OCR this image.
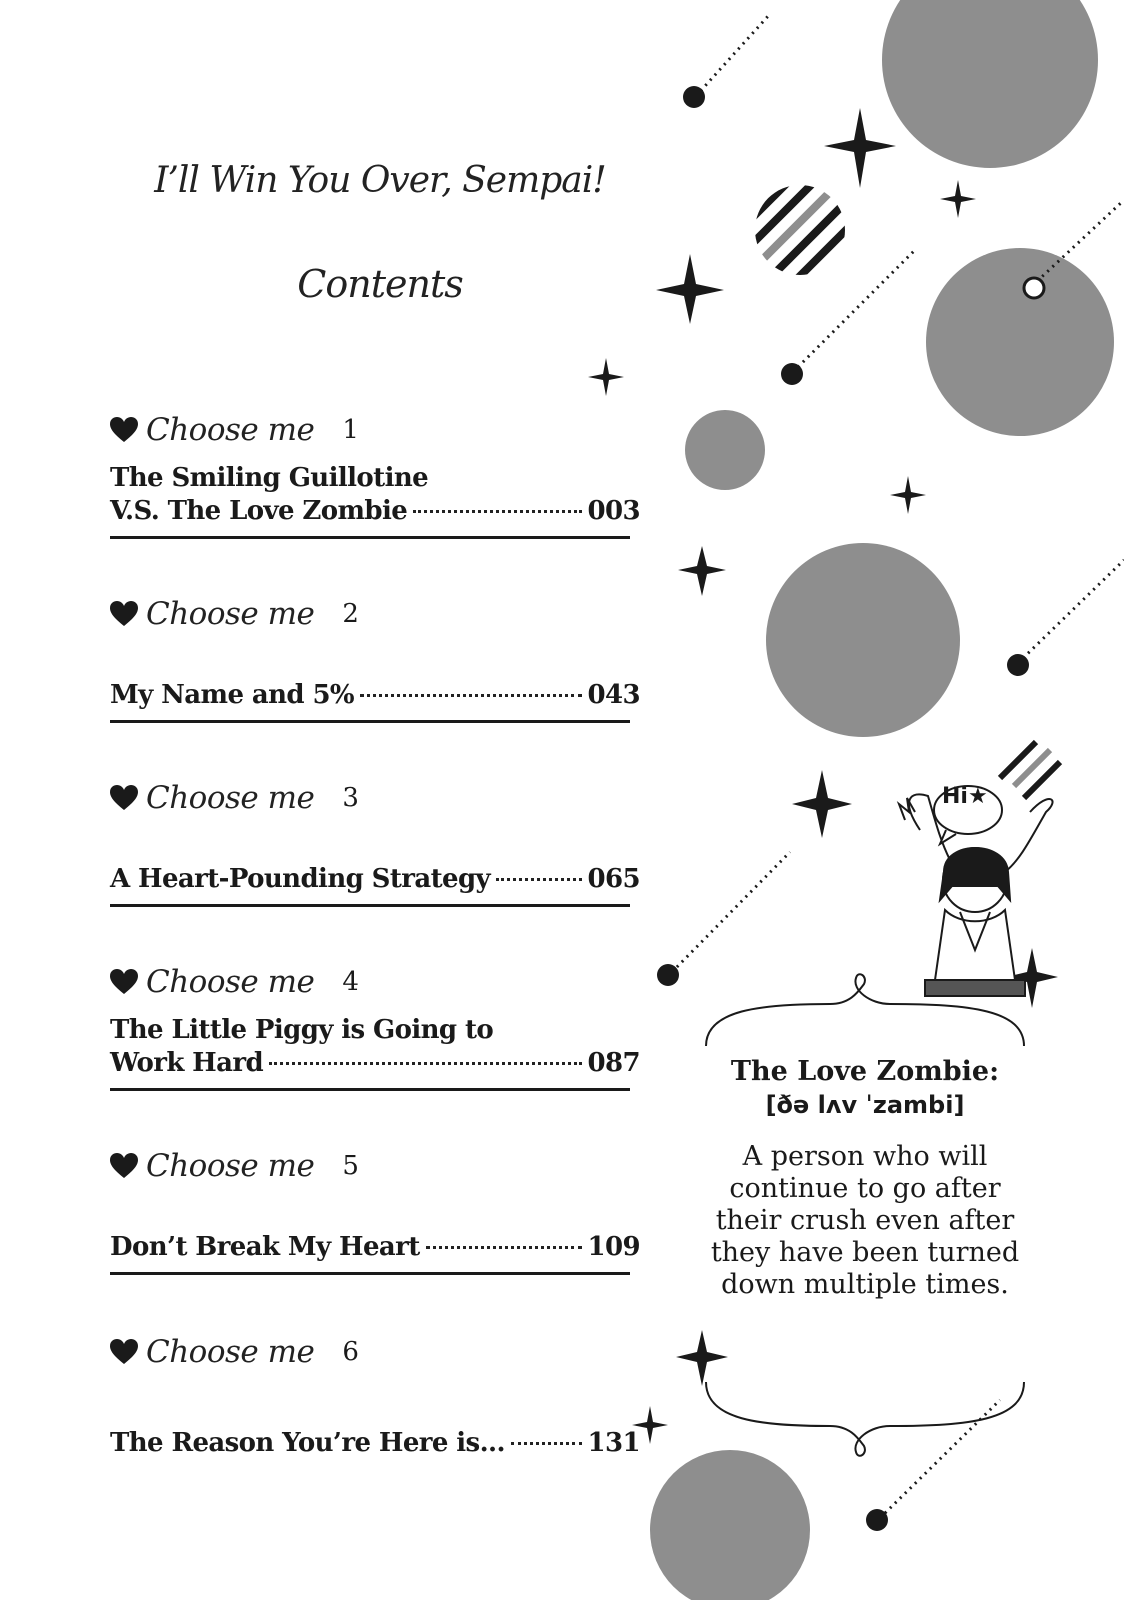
I’ll Win You Over, Sempai!
Contents
Choose me 1
The Smiling Guillotine
V.S. The Love Zombie	003
Choose me 2
My Name and 5%	043
Choose me 3
A Heart-Pounding Strategy	065
Choose me 4
The Little Piggy is Going to
Work Hard	087
Choose me 5
Don’t Break My Heart	109
Choose me 6
The Reason You’re Here is...	131
Hi★
The Love Zombie:
[ðə lʌv ˈzambi]
A person who will continue to go after their crush even after they have been turned down multiple times.
